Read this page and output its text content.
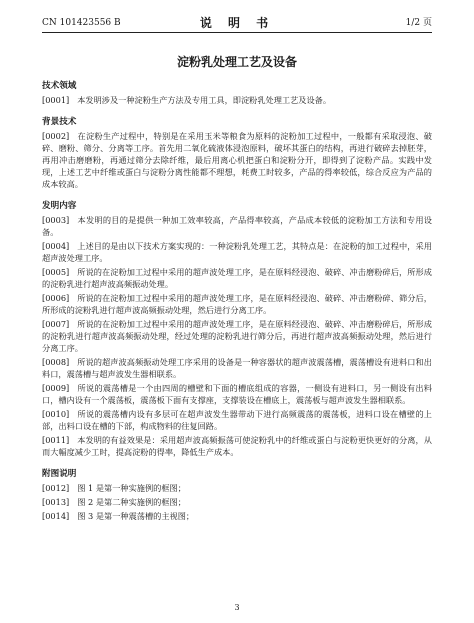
CN 101423556 B	说 明 书	1/2 页
淀粉乳处理工艺及设备
技术领域
[0001] 本发明涉及一种淀粉生产方法及专用工具，即淀粉乳处理工艺及设备。
背景技术
[0002] 在淀粉生产过程中，特别是在采用玉米等粮食为原料的淀粉加工过程中，一般都有采取浸泡、破碎、磨粉、筛分、分离等工序。首先用二氧化硫液体浸泡原料，破坏其蛋白的结构，再进行破碎去掉胚芽，再用冲击磨磨粉，再通过筛分去除纤维，最后用离心机把蛋白和淀粉分开，即得到了淀粉产品。实践中发现，上述工艺中纤维或蛋白与淀粉分离性能都不理想，耗费工时较多，产品的得率较低，综合反应为产品的成本较高。
发明内容
[0003] 本发明的目的是提供一种加工效率较高，产品得率较高，产品成本较低的淀粉加工方法和专用设备。
[0004] 上述目的是由以下技术方案实现的：一种淀粉乳处理工艺，其特点是：在淀粉的加工过程中，采用超声波处理工序。
[0005] 所说的在淀粉加工过程中采用的超声波处理工序，是在原料经浸泡、破碎、冲击磨粉碎后，所形成的淀粉乳进行超声波高频振动处理。
[0006] 所说的在淀粉加工过程中采用的超声波处理工序，是在原料经浸泡、破碎、冲击磨粉碎、筛分后，所形成的淀粉乳进行超声波高频振动处理，然后进行分离工序。
[0007] 所说的在淀粉加工过程中采用的超声波处理工序，是在原料经浸泡、破碎、冲击磨粉碎后，所形成的淀粉乳进行超声波高频振动处理，经过处理的淀粉乳进行筛分后，再进行超声波高频振动处理，然后进行分离工序。
[0008] 所说的超声波高频振动处理工序采用的设备是一种容器状的超声波震荡槽，震荡槽设有进料口和出料口，震荡槽与超声波发生器相联系。
[0009] 所说的震荡槽是一个由四周的槽壁和下面的槽底组成的容器，一侧设有进料口，另一侧设有出料口，槽内设有一个震荡板，震荡板下面有支撑座，支撑装设在槽底上，震荡板与超声波发生器相联系。
[0010] 所说的震荡槽内设有多层可在超声波发生器带动下进行高频震荡的震荡板，进料口设在槽壁的上部，出料口设在槽的下部，构成物料的往复回路。
[0011] 本发明的有益效果是：采用超声波高频振荡可使淀粉乳中的纤维或蛋白与淀粉更快更好的分离，从而大幅度减少工时，提高淀粉的得率，降低生产成本。
附图说明
[0012] 图 1 是第一种实施例的框图；
[0013] 图 2 是第二种实施例的框图；
[0014] 图 3 是第一种震荡槽的主视图；
3
